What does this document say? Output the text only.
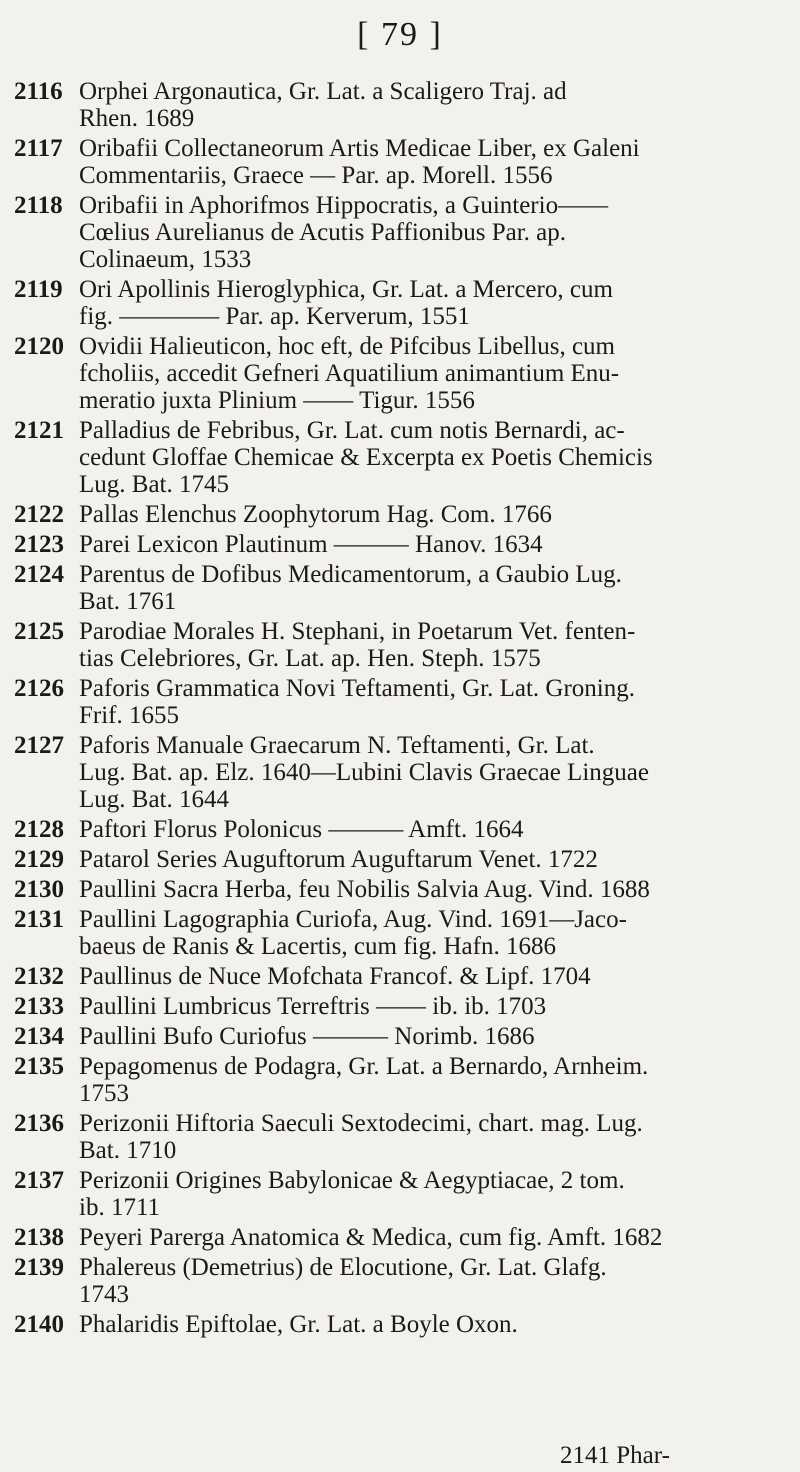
[ 79 ]
2116 Orphei Argonautica, Gr. Lat. a Scaligero Traj. ad
Rhen. 1689
2117 Oribafii Collectaneorum Artis Medicae Liber, ex Galeni
Commentariis, Graece — Par. ap. Morell. 1556
2118 Oribafii in Aphorifmos Hippocratis, a Guinterio——
Cœlius Aurelianus de Acutis Paffionibus Par. ap.
Colinaeum, 1533
2119 Ori Apollinis Hieroglyphica, Gr. Lat. a Mercero, cum
fig. ———— Par. ap. Kerverum, 1551
2120 Ovidii Halieuticon, hoc eft, de Pifcibus Libellus, cum
fcholiis, accedit Gefneri Aquatilium animantium Enu-
meratio juxta Plinium —— Tigur. 1556
2121 Palladius de Febribus, Gr. Lat. cum notis Bernardi, ac-
cedunt Gloffae Chemicae & Excerpta ex Poetis Chemicis
Lug. Bat. 1745
2122 Pallas Elenchus Zoophytorum Hag. Com. 1766
2123 Parei Lexicon Plautinum ——— Hanov. 1634
2124 Parentus de Dofibus Medicamentorum, a Gaubio Lug.
Bat. 1761
2125 Parodiae Morales H. Stephani, in Poetarum Vet. fenten-
tias Celebriores, Gr. Lat. ap. Hen. Steph. 1575
2126 Paforis Grammatica Novi Teftamenti, Gr. Lat. Groning.
Frif. 1655
2127 Paforis Manuale Graecarum N. Teftamenti, Gr. Lat.
Lug. Bat. ap. Elz. 1640—Lubini Clavis Graecae Linguae
Lug. Bat. 1644
2128 Paftori Florus Polonicus ——— Amft. 1664
2129 Patarol Series Auguftorum Auguftarum Venet. 1722
2130 Paullini Sacra Herba, feu Nobilis Salvia Aug. Vind. 1688
2131 Paullini Lagographia Curiofa, Aug. Vind. 1691—Jaco-
baeus de Ranis & Lacertis, cum fig. Hafn. 1686
2132 Paullinus de Nuce Mofchata Francof. & Lipf. 1704
2133 Paullini Lumbricus Terreftris —— ib. ib. 1703
2134 Paullini Bufo Curiofus ——— Norimb. 1686
2135 Pepagomenus de Podagra, Gr. Lat. a Bernardo, Arnheim.
1753
2136 Perizonii Hiftoria Saeculi Sextodecimi, chart. mag. Lug.
Bat. 1710
2137 Perizonii Origines Babylonicae & Aegyptiacae, 2 tom.
ib. 1711
2138 Peyeri Parerga Anatomica & Medica, cum fig. Amft. 1682
2139 Phalereus (Demetrius) de Elocutione, Gr. Lat. Glafg.
1743
2140 Phalaridis Epiftolae, Gr. Lat. a Boyle Oxon.
2141 Phar-
